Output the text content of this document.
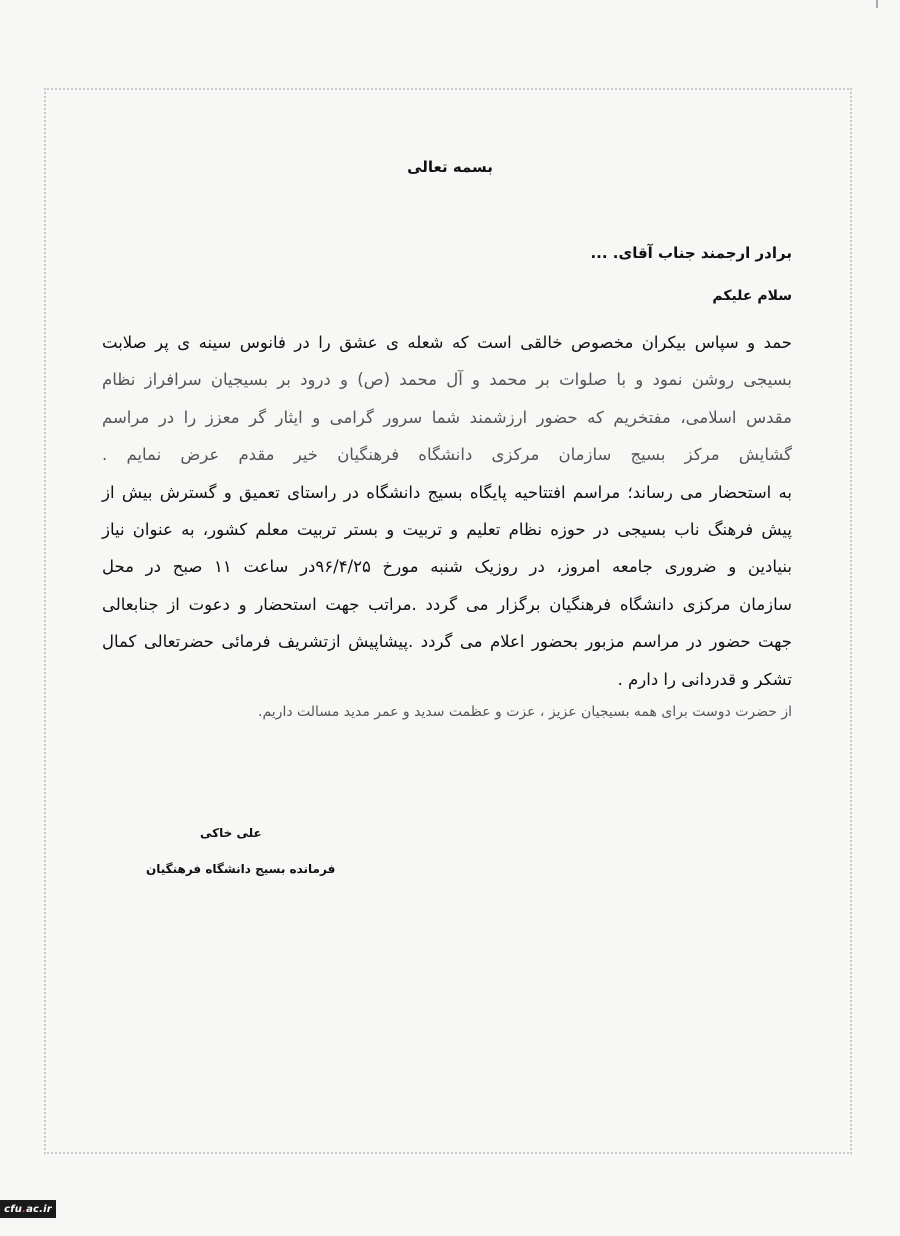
بسمه تعالی
برادر ارجمند جناب آقای. ...
سلام علیکم
حمد و سپاس بیکران مخصوص خالقی است که شعله ی عشق را در فانوس سینه ی پر صلابت
بسیجی روشن نمود و با صلوات بر محمد و آل محمد (ص) و درود بر بسیجیان سرافراز نظام
مقدس اسلامی، مفتخریم که حضور ارزشمند شما سرور گرامی و ایثار گر معزز را در مراسم
گشایش مرکز بسیج سازمان مرکزی دانشگاه فرهنگیان خیر مقدم عرض نمایم .
به استحضار می رساند؛ مراسم افتتاحیه پایگاه بسیج دانشگاه در راستای تعمیق و گسترش بیش از
پیش فرهنگ ناب بسیجی در حوزه نظام تعلیم و تربیت و بستر تربیت معلم کشور، به عنوان نیاز
بنیادین و ضروری جامعه امروز، در روزیک شنبه مورخ ۹۶/۴/۲۵در ساعت ۱۱ صبح در محل
سازمان مرکزی دانشگاه فرهنگیان برگزار می گردد .مراتب جهت استحضار و دعوت از جنابعالی
جهت حضور در مراسم مزبور بحضور اعلام می گردد .پیشاپیش ازتشریف فرمائی حضرتعالی کمال
تشکر و قدردانی را دارم .
از حضرت دوست برای همه بسیجیان عزیز ، عزت و عظمت سدید و عمر مدید مسالت داریم.
علی خاکی
فرمانده بسیج دانشگاه فرهنگیان
cfu . ac.ir
